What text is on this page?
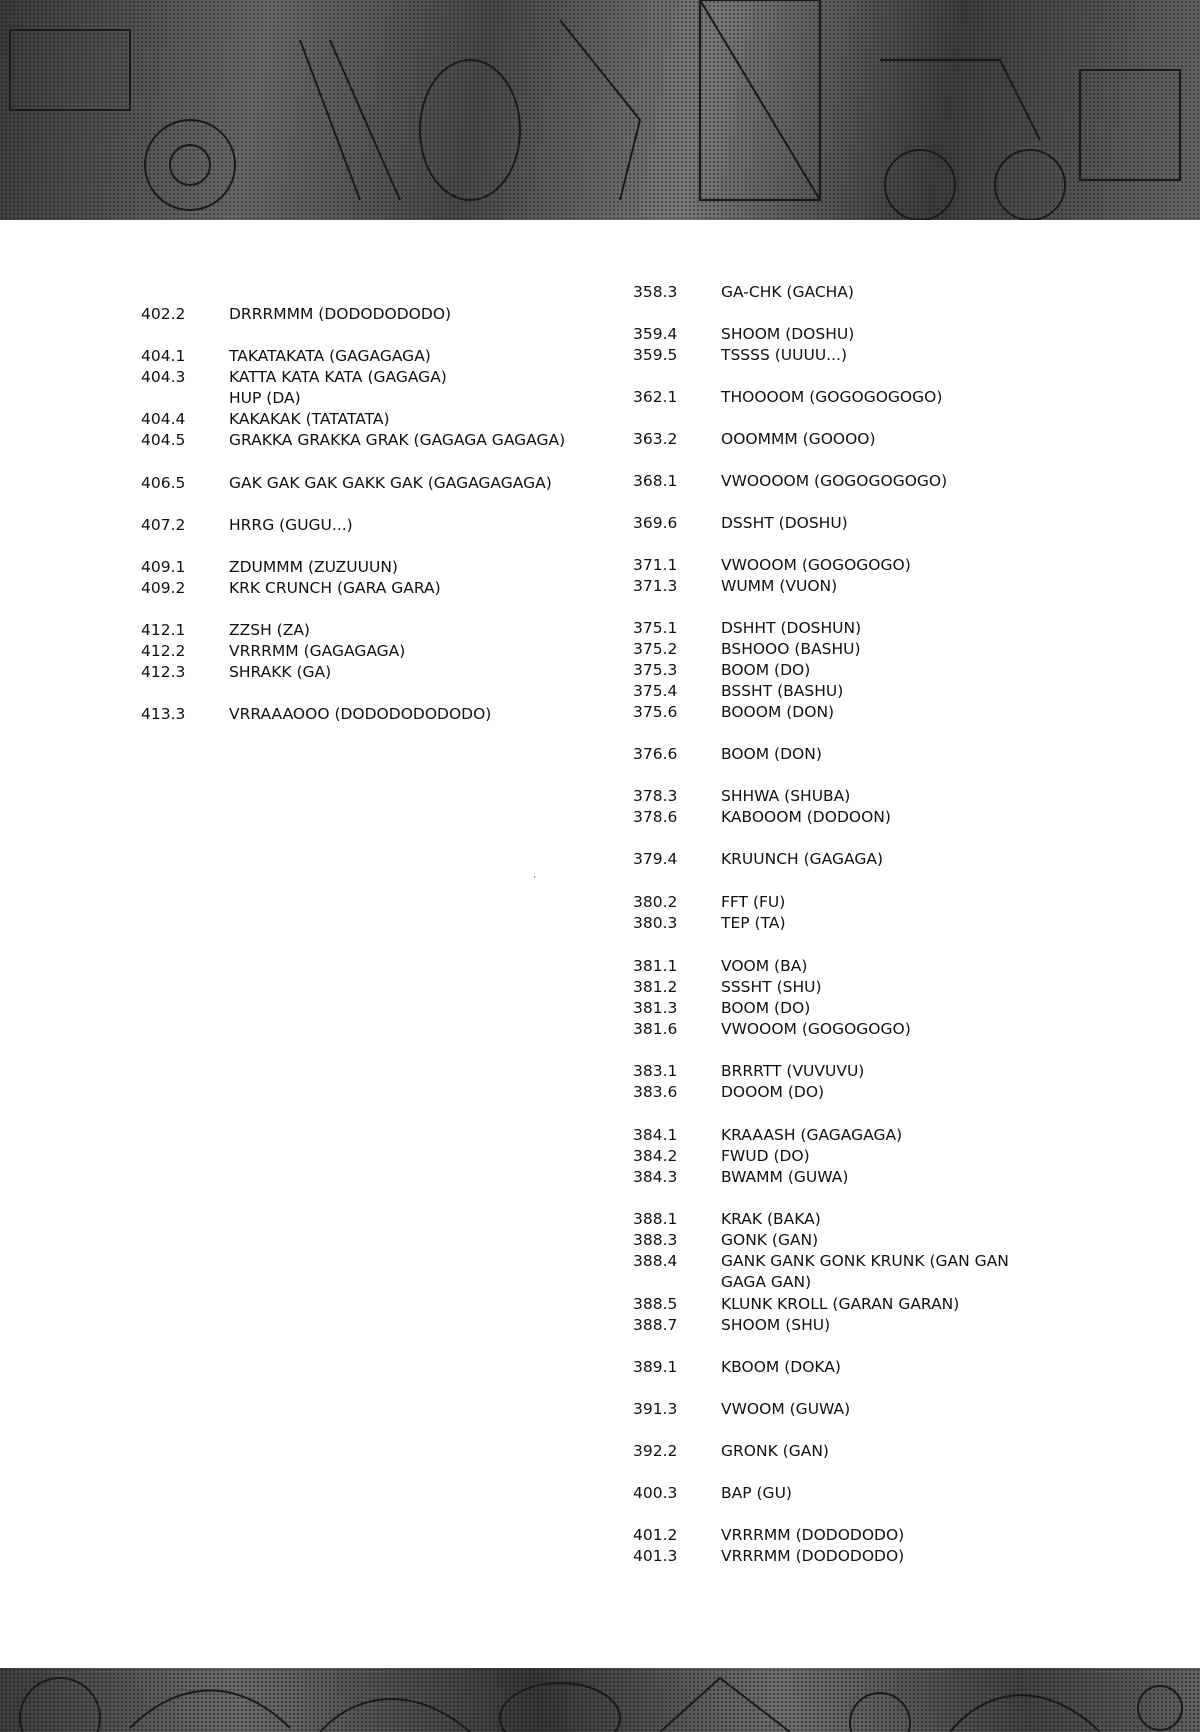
402.2	DRRRMMM (DODODODODO)
404.1	TAKATAKATA (GAGAGAGA)
404.3	KATTA KATA KATA (GAGAGA)
HUP (DA)
404.4	KAKAKAK (TATATATA)
404.5	GRAKKA GRAKKA GRAK (GAGAGA GAGAGA)
406.5	GAK GAK GAK GAKK GAK (GAGAGAGAGA)
407.2	HRRG (GUGU...)
409.1	ZDUMMM (ZUZUUUN)
409.2	KRK CRUNCH (GARA GARA)
412.1	ZZSH (ZA)
412.2	VRRRMM (GAGAGAGA)
412.3	SHRAKK (GA)
413.3	VRRAAAOOO (DODODODODODO)
358.3	GA-CHK (GACHA)
359.4	SHOOM (DOSHU)
359.5	TSSSS (UUUU...)
362.1	THOOOOM (GOGOGOGOGO)
363.2	OOOMMM (GOOOO)
368.1	VWOOOOM (GOGOGOGOGO)
369.6	DSSHT (DOSHU)
371.1	VWOOOM (GOGOGOGO)
371.3	WUMM (VUON)
375.1	DSHHT (DOSHUN)
375.2	BSHOOO (BASHU)
375.3	BOOM (DO)
375.4	BSSHT (BASHU)
375.6	BOOOM (DON)
376.6	BOOM (DON)
378.3	SHHWA (SHUBA)
378.6	KABOOOM (DODOON)
379.4	KRUUNCH (GAGAGA)
380.2	FFT (FU)
380.3	TEP (TA)
381.1	VOOM (BA)
381.2	SSSHT (SHU)
381.3	BOOM (DO)
381.6	VWOOOM (GOGOGOGO)
383.1	BRRRTT (VUVUVU)
383.6	DOOOM (DO)
384.1	KRAAASH (GAGAGAGA)
384.2	FWUD (DO)
384.3	BWAMM (GUWA)
388.1	KRAK (BAKA)
388.3	GONK (GAN)
388.4	GANK GANK GONK KRUNK (GAN GAN GAGA GAN)
388.5	KLUNK KROLL (GARAN GARAN)
388.7	SHOOM (SHU)
389.1	KBOOM (DOKA)
391.3	VWOOM (GUWA)
392.2	GRONK (GAN)
400.3	BAP (GU)
401.2	VRRRMM (DODODODO)
401.3	VRRRMM (DODODODO)
